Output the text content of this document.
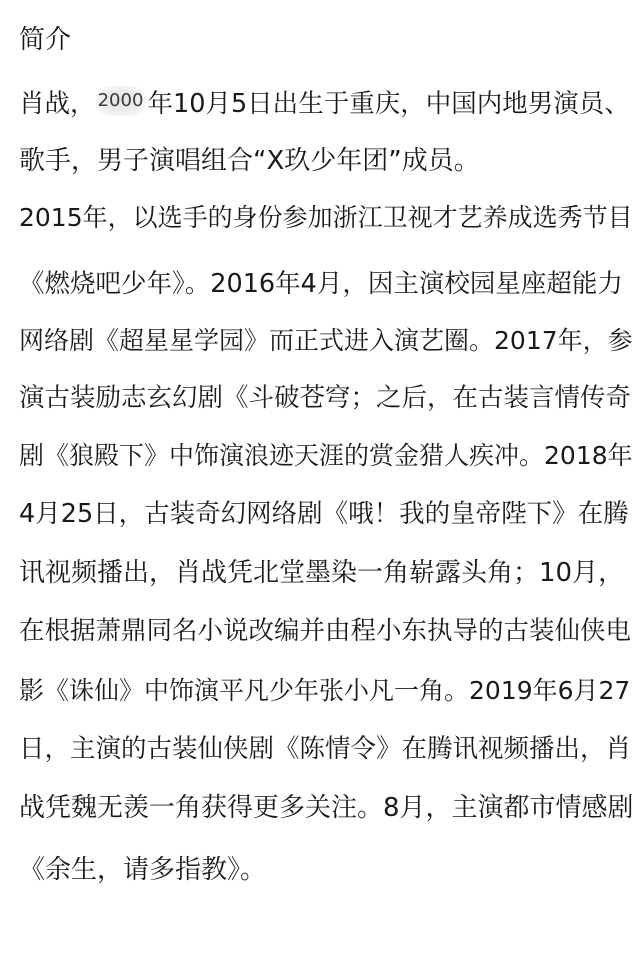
简介
肖战， 2000 年10月5日出生于重庆，中国内地男演员、
歌手，男子演唱组合“X玖少年团”成员。
2015年，以选手的身份参加浙江卫视才艺养成选秀节目
《燃烧吧少年》。2016年4月，因主演校园星座超能力
网络剧《超星星学园》而正式进入演艺圈。2017年，参
演古装励志玄幻剧《斗破苍穹；之后，在古装言情传奇
剧《狼殿下》中饰演浪迹天涯的赏金猎人疾冲。2018年
4月25日，古装奇幻网络剧《哦！我的皇帝陛下》在腾
讯视频播出，肖战凭北堂墨染一角崭露头角；10月，
在根据萧鼎同名小说改编并由程小东执导的古装仙侠电
影《诛仙》中饰演平凡少年张小凡一角。2019年6月27
日，主演的古装仙侠剧《陈情令》在腾讯视频播出，肖
战凭魏无羡一角获得更多关注。8月，主演都市情感剧
《余生，请多指教》。
